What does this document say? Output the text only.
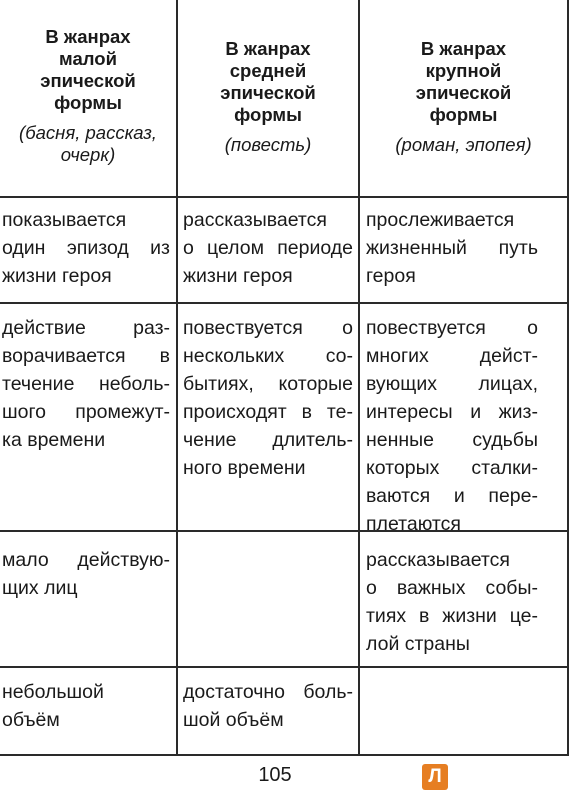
В жанрах
малой
эпической
формы
(басня, рассказ,
очерк)
В жанрах
средней
эпической
формы
(повесть)
В жанрах
крупной
эпической
формы
(роман, эпопея)
показывается
один эпизод из
жизни героя
рассказывается
о целом периоде
жизни героя
прослеживается
жизненный путь
героя
действие раз-
ворачивается в
течение неболь-
шого промежут-
ка времени
повествуется о
нескольких со-
бытиях, которые
происходят в те-
чение длитель-
ного времени
повествуется о
многих дейст-
вующих лицах,
интересы и жиз-
ненные судьбы
которых сталки-
ваются и пере-
плетаются
мало действую-
щих лиц
рассказывается
о важных собы-
тиях в жизни це-
лой страны
небольшой
объём
достаточно боль-
шой объём
105	Л
